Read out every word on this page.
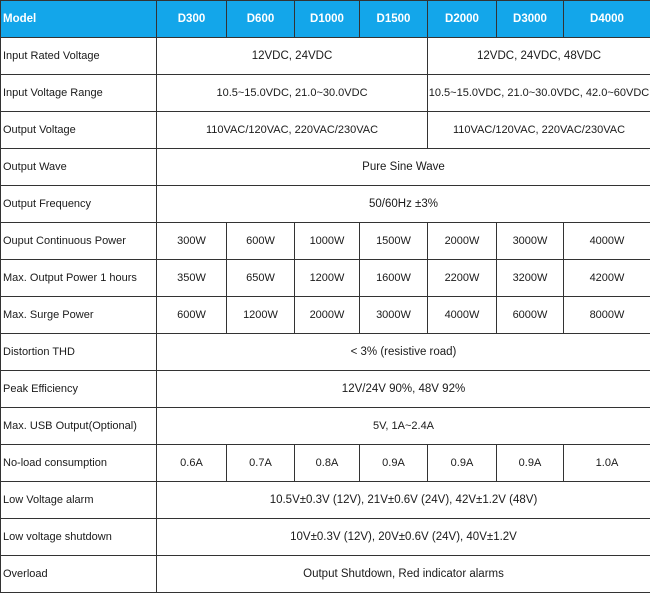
Model	D300	D600	D1000	D1500	D2000	D3000	D4000
Input Rated Voltage	12VDC, 24VDC				12VDC, 24VDC, 48VDC		
Input Voltage Range	10.5~15.0VDC, 21.0~30.0VDC				10.5~15.0VDC, 21.0~30.0VDC, 42.0~60VDC		
Output Voltage	110VAC/120VAC, 220VAC/230VAC				110VAC/120VAC, 220VAC/230VAC		
Output Wave	Pure Sine Wave						
Output Frequency	50/60Hz ±3%						
Ouput Continuous Power	300W	600W	1000W	1500W	2000W	3000W	4000W
Max. Output Power 1 hours	350W	650W	1200W	1600W	2200W	3200W	4200W
Max. Surge Power	600W	1200W	2000W	3000W	4000W	6000W	8000W
Distortion THD	< 3% (resistive road)						
Peak Efficiency	12V/24V 90%, 48V 92%						
Max. USB Output(Optional)	5V, 1A~2.4A						
No-load consumption	0.6A	0.7A	0.8A	0.9A	0.9A	0.9A	1.0A
Low Voltage alarm	10.5V±0.3V (12V), 21V±0.6V (24V), 42V±1.2V (48V)						
Low voltage shutdown	10V±0.3V (12V), 20V±0.6V (24V), 40V±1.2V						
Overload	Output Shutdown, Red indicator alarms						
